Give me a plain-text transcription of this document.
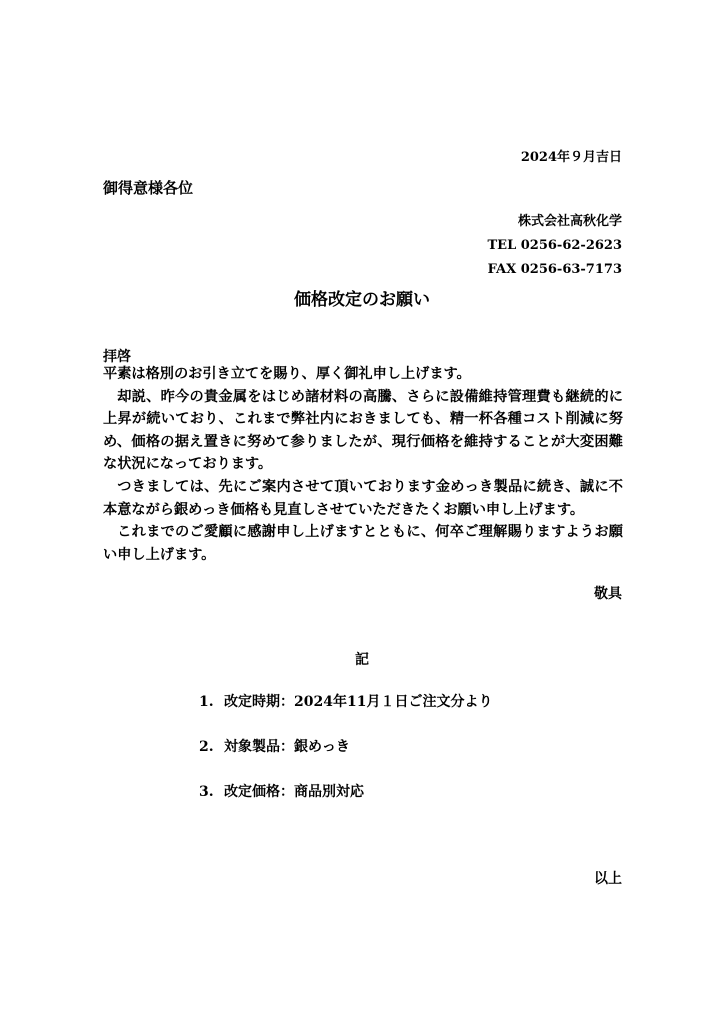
2024年９月吉日
御得意様各位
株式会社高秋化学
TEL 0256-62-2623
FAX 0256-63-7173
価格改定のお願い
拝啓

平素は格別のお引き立てを賜り、厚く御礼申し上げます。

却説、昨今の貴金属をはじめ諸材料の高騰、さらに設備維持管理費も継続的に上昇が続いており、これまで弊社内におきましても、精一杯各種コスト削減に努め、価格の据え置きに努めて参りましたが、現行価格を維持することが大変困難な状況になっております。

つきましては、先にご案内させて頂いております金めっき製品に続き、誠に不本意ながら銀めっき価格も見直しさせていただきたくお願い申し上げます。

これまでのご愛顧に感謝申し上げますとともに、何卒ご理解賜りますようお願い申し上げます。

敬具
記
1. 改定時期：2024年11月１日ご注文分より
2. 対象製品：銀めっき
3. 改定価格：商品別対応
以上
